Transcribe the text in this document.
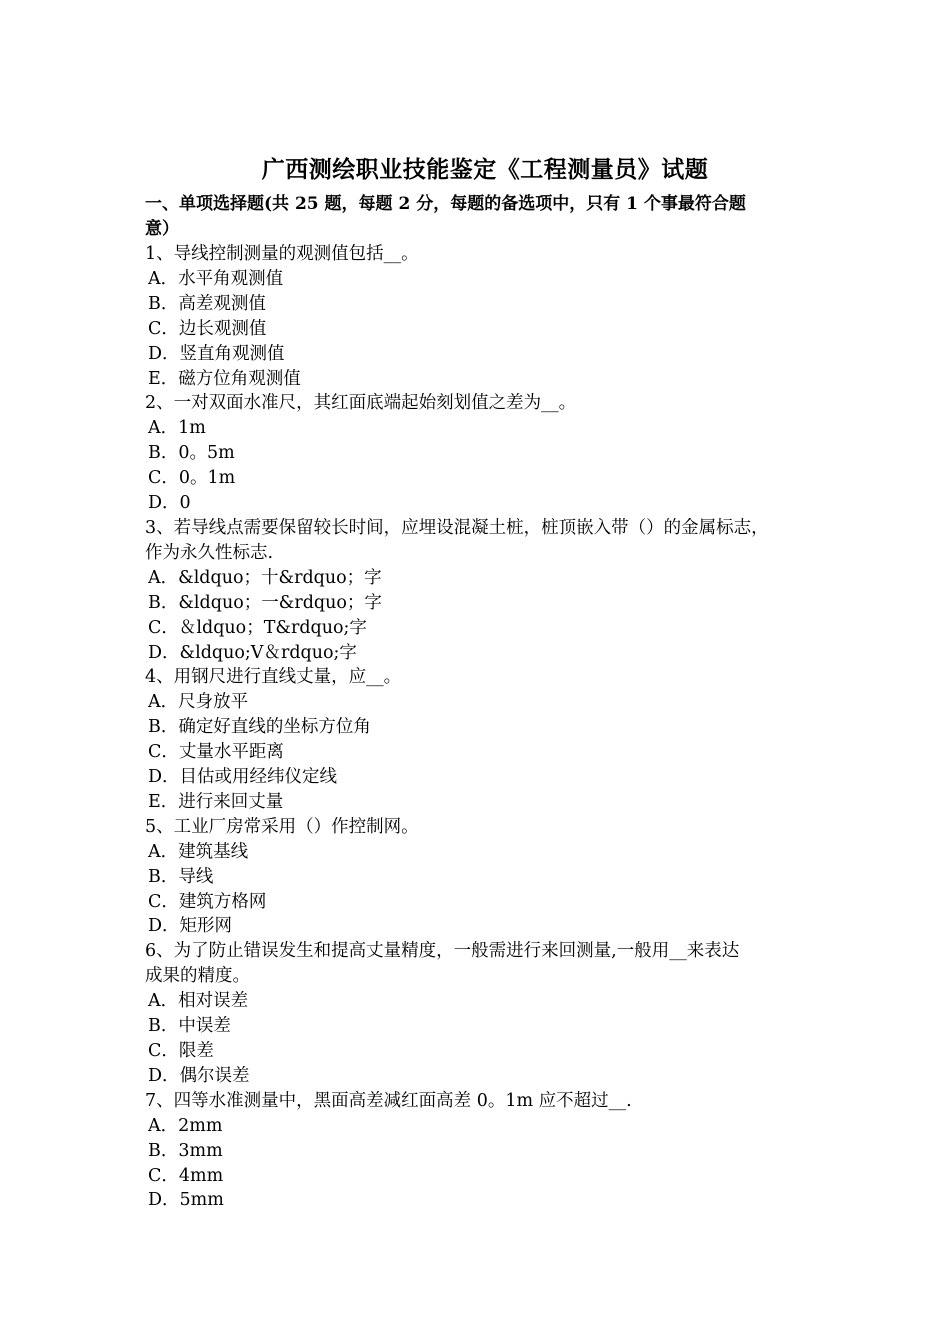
广西测绘职业技能鉴定《工程测量员》试题
一、单项选择题(共 25 题，每题 2 分，每题的备选项中，只有 1 个事最符合题
意）
1、导线控制测量的观测值包括__。
A．水平角观测值
B．高差观测值
C．边长观测值
D．竖直角观测值
E．磁方位角观测值
2、一对双面水准尺，其红面底端起始刻划值之差为__。
A．1m
B．0。5m
C．0。1m
D．0
3、若导线点需要保留较长时间，应埋设混凝土桩，桩顶嵌入带（）的金属标志，
作为永久性标志.
A．&ldquo；十&rdquo；字
B．&ldquo；一&rdquo；字
C．＆ldquo；T&rdquo;字
D．&ldquo;V＆rdquo;字
4、用钢尺进行直线丈量，应__。
A．尺身放平
B．确定好直线的坐标方位角
C．丈量水平距离
D．目估或用经纬仪定线
E．进行来回丈量
5、工业厂房常采用（）作控制网。
A．建筑基线
B．导线
C．建筑方格网
D．矩形网
6、为了防止错误发生和提高丈量精度，一般需进行来回测量,一般用__来表达
成果的精度。
A．相对误差
B．中误差
C．限差
D．偶尔误差
7、四等水准测量中，黑面高差减红面高差 0。1m 应不超过__.
A．2mm
B．3mm
C．4mm
D．5mm
